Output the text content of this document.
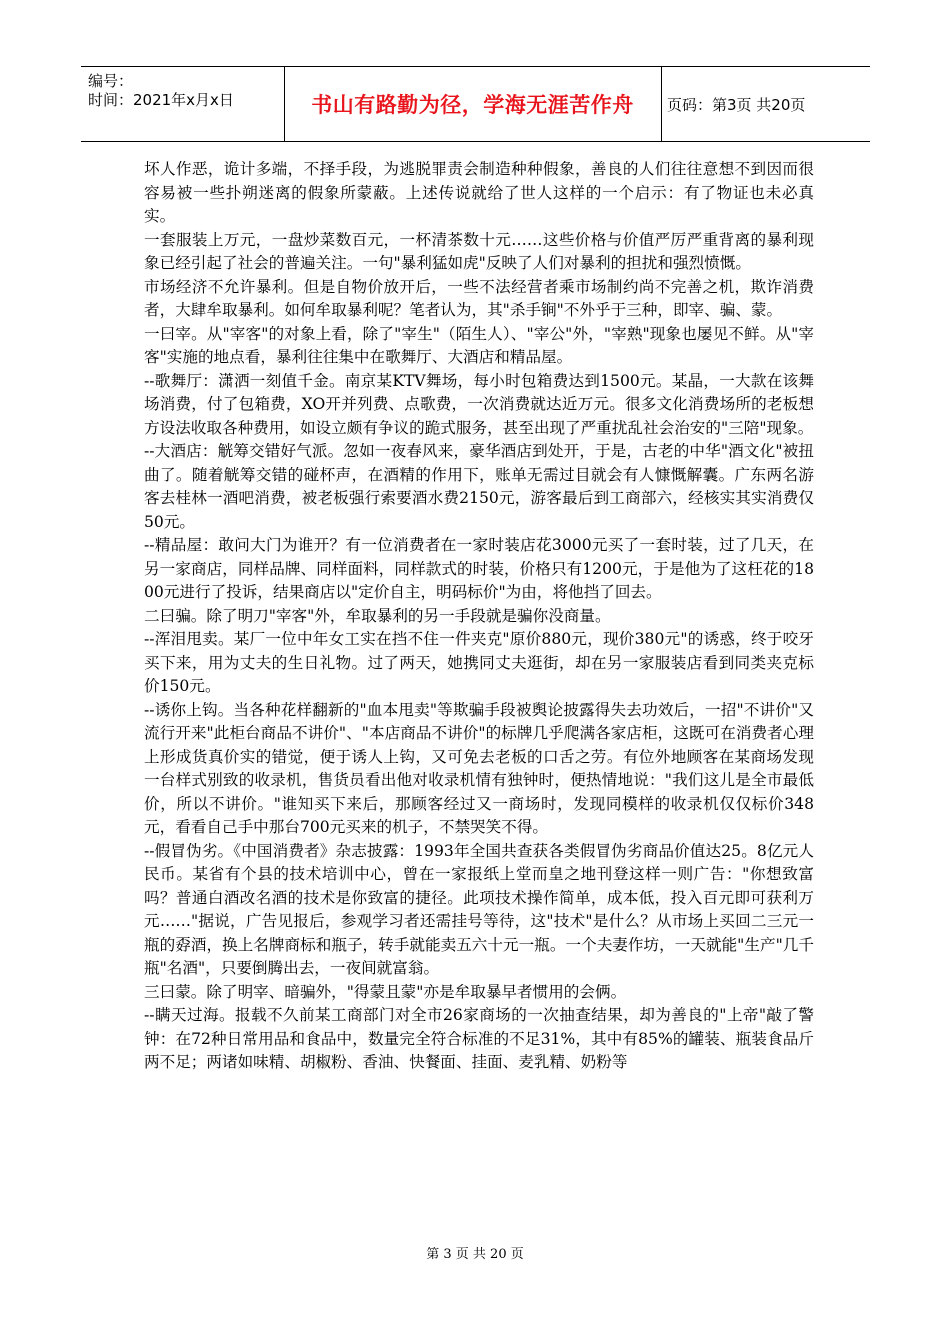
编号：
时间：2021年x月x日	书山有路勤为径，学海无涯苦作舟 页码：第3页 共20页

坏人作恶，诡计多端，不择手段，为逃脱罪责会制造种种假象，善良的人们往往意想不到因而很容易被一些扑朔迷离的假象所蒙蔽。上述传说就给了世人这样的一个启示：有了物证也未必真实。

一套服装上万元，一盘炒菜数百元，一杯清茶数十元……这些价格与价值严厉严重背离的暴利现象已经引起了社会的普遍关注。一句"暴利猛如虎"反映了人们对暴利的担扰和强烈愤慨。

市场经济不允许暴利。但是自物价放开后，一些不法经营者乘市场制约尚不完善之机，欺诈消费者，大肆牟取暴利。如何牟取暴利呢？笔者认为，其"杀手锏"不外乎于三种，即宰、骗、蒙。

一曰宰。从"宰客"的对象上看，除了"宰生"（陌生人）、"宰公"外，"宰熟"现象也屡见不鲜。从"宰客"实施的地点看，暴利往往集中在歌舞厅、大酒店和精品屋。

--歌舞厅：潇洒一刻值千金。南京某KTV舞场，每小时包箱费达到1500元。某晶，一大款在该舞场消费，付了包箱费，XO开并列费、点歌费，一次消费就达近万元。很多文化消费场所的老板想方设法收取各种费用，如设立颇有争议的跪式服务，甚至出现了严重扰乱社会治安的"三陪"现象。

--大酒店：觥筹交错好气派。忽如一夜春风来，豪华酒店到处开，于是，古老的中华"酒文化"被扭曲了。随着觥筹交错的碰杯声，在酒精的作用下，账单无需过目就会有人慷慨解囊。广东两名游客去桂林一酒吧消费，被老板强行索要酒水费2150元，游客最后到工商部六，经核实其实消费仅50元。

--精品屋：敢问大门为谁开？有一位消费者在一家时装店花3000元买了一套时装，过了几天，在另一家商店，同样品牌、同样面料，同样款式的时装，价格只有1200元，于是他为了这枉花的1800元进行了投诉，结果商店以"定价自主，明码标价"为由，将他挡了回去。

二曰骗。除了明刀"宰客"外，牟取暴利的另一手段就是骗你没商量。

--浑泪甩卖。某厂一位中年女工实在挡不住一件夹克"原价880元，现价380元"的诱惑，终于咬牙买下来，用为丈夫的生日礼物。过了两天，她携同丈夫逛街，却在另一家服装店看到同类夹克标价150元。

--诱你上钩。当各种花样翻新的"血本甩卖"等欺骗手段被舆论披露得失去功效后，一招"不讲价"又流行开来"此柜台商品不讲价"、"本店商品不讲价"的标牌几乎爬满各家店柜，这既可在消费者心理上形成货真价实的错觉，便于诱人上钩，又可免去老板的口舌之劳。有位外地顾客在某商场发现一台样式别致的收录机，售货员看出他对收录机情有独钟时，便热情地说："我们这儿是全市最低价，所以不讲价。"谁知买下来后，那顾客经过又一商场时，发现同模样的收录机仅仅标价348元，看看自己手中那台700元买来的机子，不禁哭笑不得。

--假冒伪劣。《中国消费者》杂志披露：1993年全国共查获各类假冒伪劣商品价值达25。8亿元人民币。某省有个县的技术培训中心，曾在一家报纸上堂而皇之地刊登这样一则广告："你想致富吗？普通白酒改名酒的技术是你致富的捷径。此项技术操作简单，成本低，投入百元即可获利万元……"据说，广告见报后，参观学习者还需挂号等待，这"技术"是什么？从市场上买回二三元一瓶的孬酒，换上名牌商标和瓶子，转手就能卖五六十元一瓶。一个夫妻作坊，一天就能"生产"几千瓶"名酒"，只要倒腾出去，一夜间就富翁。

三曰蒙。除了明宰、暗骗外，"得蒙且蒙"亦是牟取暴早者惯用的会俩。

--瞒天过海。报载不久前某工商部门对全市26家商场的一次抽查结果，却为善良的"上帝"敲了警钟：在72种日常用品和食品中，数量完全符合标准的不足31%，其中有85%的罐装、瓶装食品斤两不足；两诸如味精、胡椒粉、香油、快餐面、挂面、麦乳精、奶粉等

第 3 页 共 20 页
